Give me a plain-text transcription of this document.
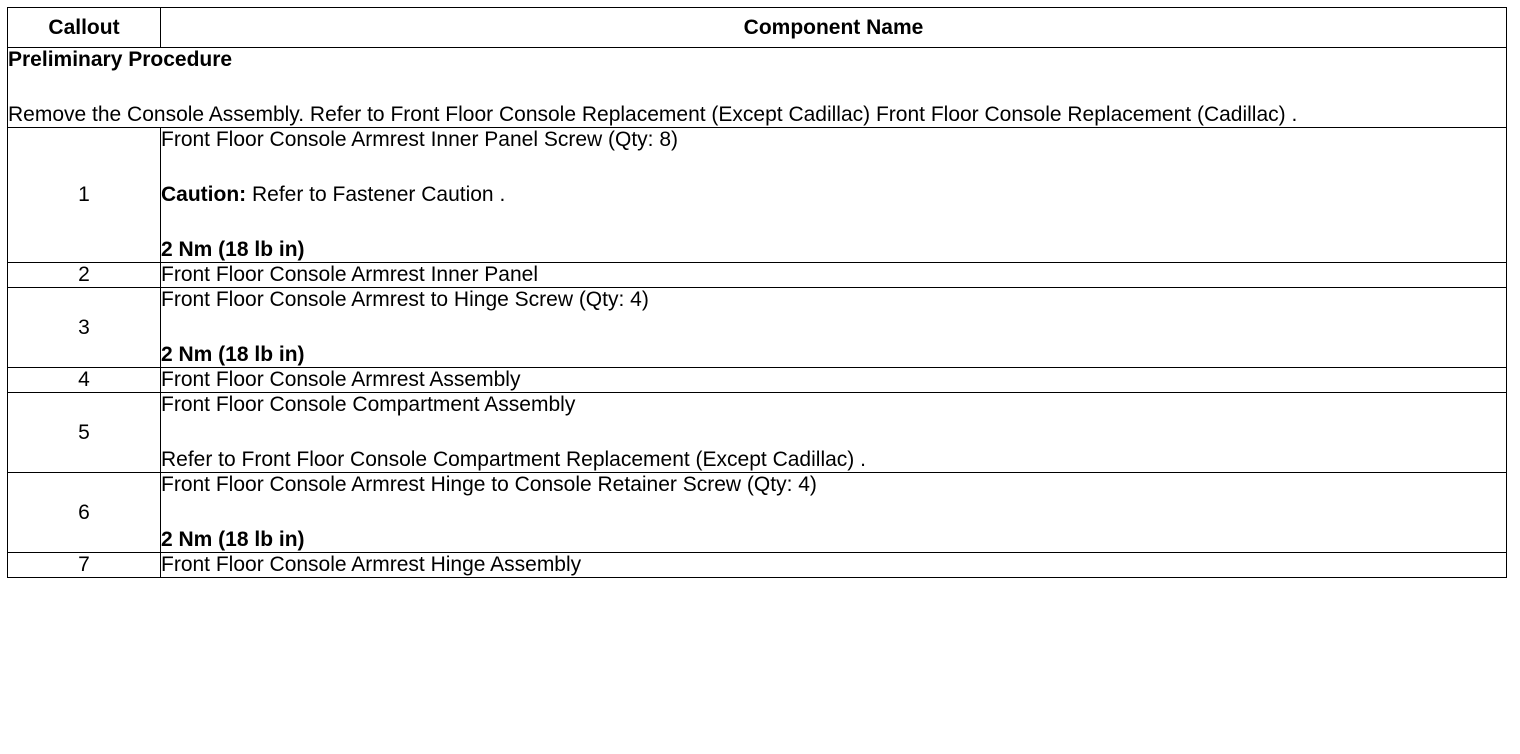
Callout	Component Name

Preliminary Procedure

Remove the Console Assembly. Refer to Front Floor Console Replacement (Except Cadillac) Front Floor Console Replacement (Cadillac) .	

1	Front Floor Console Armrest Inner Panel Screw (Qty: 8)

Caution: Refer to Fastener Caution .

2 Nm (18 lb in)

2	Front Floor Console Armrest Inner Panel

3	Front Floor Console Armrest to Hinge Screw (Qty: 4)

2 Nm (18 lb in)

4	Front Floor Console Armrest Assembly

5	Front Floor Console Compartment Assembly

Refer to Front Floor Console Compartment Replacement (Except Cadillac) .

6	Front Floor Console Armrest Hinge to Console Retainer Screw (Qty: 4)

2 Nm (18 lb in)

7	Front Floor Console Armrest Hinge Assembly
